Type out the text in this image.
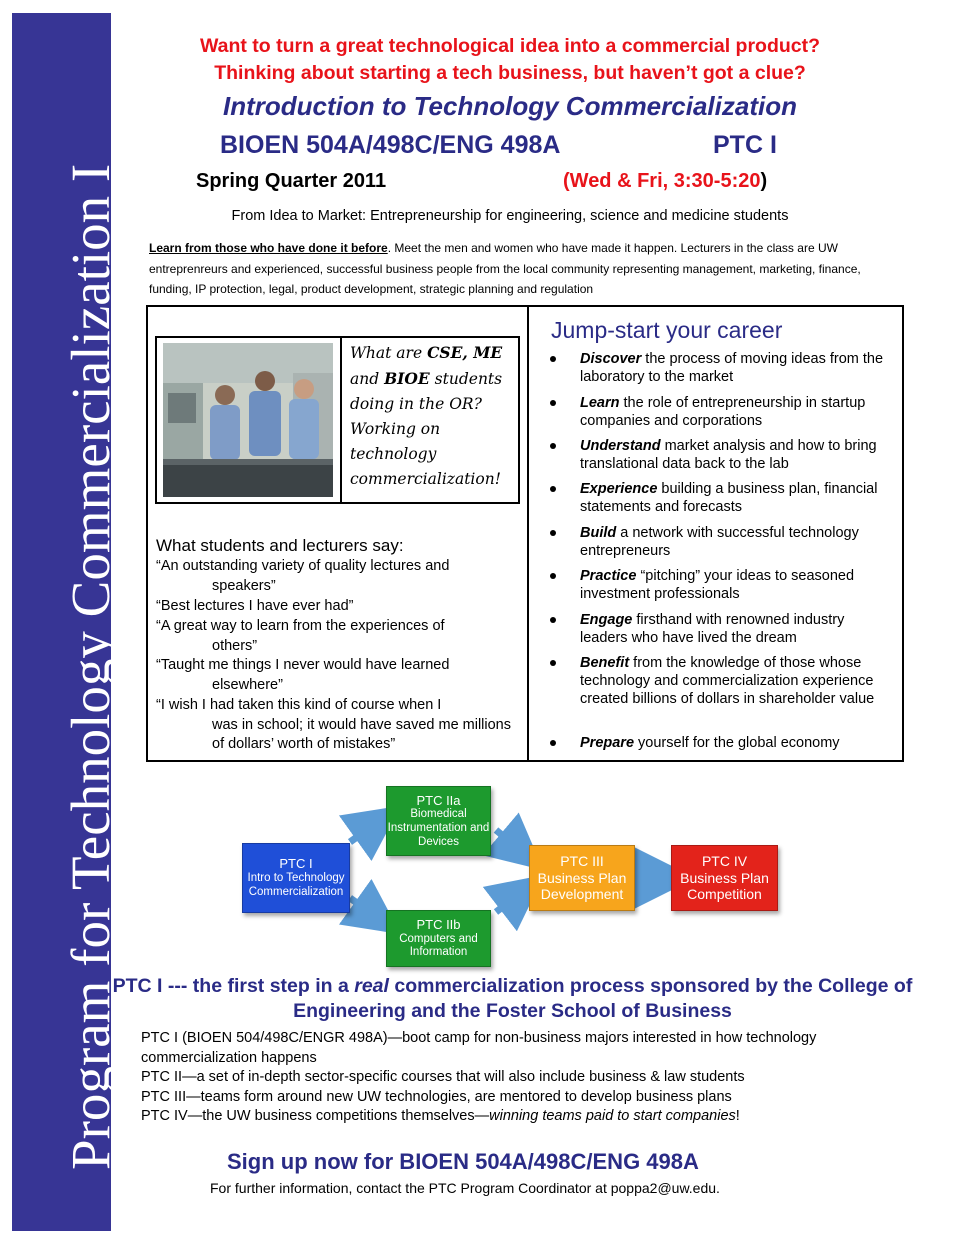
Program for Technology Commercialization I
Want to turn a great technological idea into a commercial product?
Thinking about starting a tech business, but haven’t got a clue?
Introduction to Technology Commercialization
BIOEN 504A/498C/ENG 498A	PTC I
Spring Quarter 2011	(Wed & Fri, 3:30-5:20)
From Idea to Market: Entrepreneurship for engineering, science and medicine students
Learn from those who have done it before. Meet the men and women who have made it happen. Lecturers in the class are UW entreprenreurs and experienced, successful business people from the local community representing management, marketing, finance, funding, IP protection, legal, product development, strategic planning and regulation
What are CSE, ME and BIOE students doing in the OR? Working on technology commercialization!
What students and lecturers say:
“An outstanding variety of quality lectures and
speakers”
“Best lectures I have ever had”
“A great way to learn from the experiences of
others”
“Taught me things I never would have learned
elsewhere”
“I wish I had taken this kind of course when I
was in school; it would have saved me millions of dollars’ worth of mistakes”
Jump-start your career
Discover the process of moving ideas from the laboratory to the market
Learn the role of entrepreneurship in startup companies and corporations
Understand market analysis and how to bring translational data back to the lab
Experience building a business plan, financial statements and forecasts
Build a network with successful technology entrepreneurs
Practice “pitching” your ideas to seasoned investment professionals
Engage firsthand with renowned industry leaders who have lived the dream
Benefit from the knowledge of those whose technology and commercialization experience created billions of dollars in shareholder value
Prepare yourself for the global economy
PTC I
Intro to Technology Commercialization
PTC IIa
Biomedical Instrumentation and Devices
PTC IIb
Computers and Information
PTC III
Business Plan Development
PTC IV
Business Plan Competition
PTC I --- the first step in a real commercialization process sponsored by the College of Engineering and the Foster School of Business
PTC I (BIOEN 504/498C/ENGR 498A)—boot camp for non-business majors interested in how technology commercialization happens
PTC II—a set of in-depth sector-specific courses that will also include business & law students
PTC III—teams form around new UW technologies, are mentored to develop business plans
PTC IV—the UW business competitions themselves—winning teams paid to start companies!
Sign up now for BIOEN 504A/498C/ENG 498A
For further information, contact the PTC Program Coordinator at poppa2@uw.edu.
